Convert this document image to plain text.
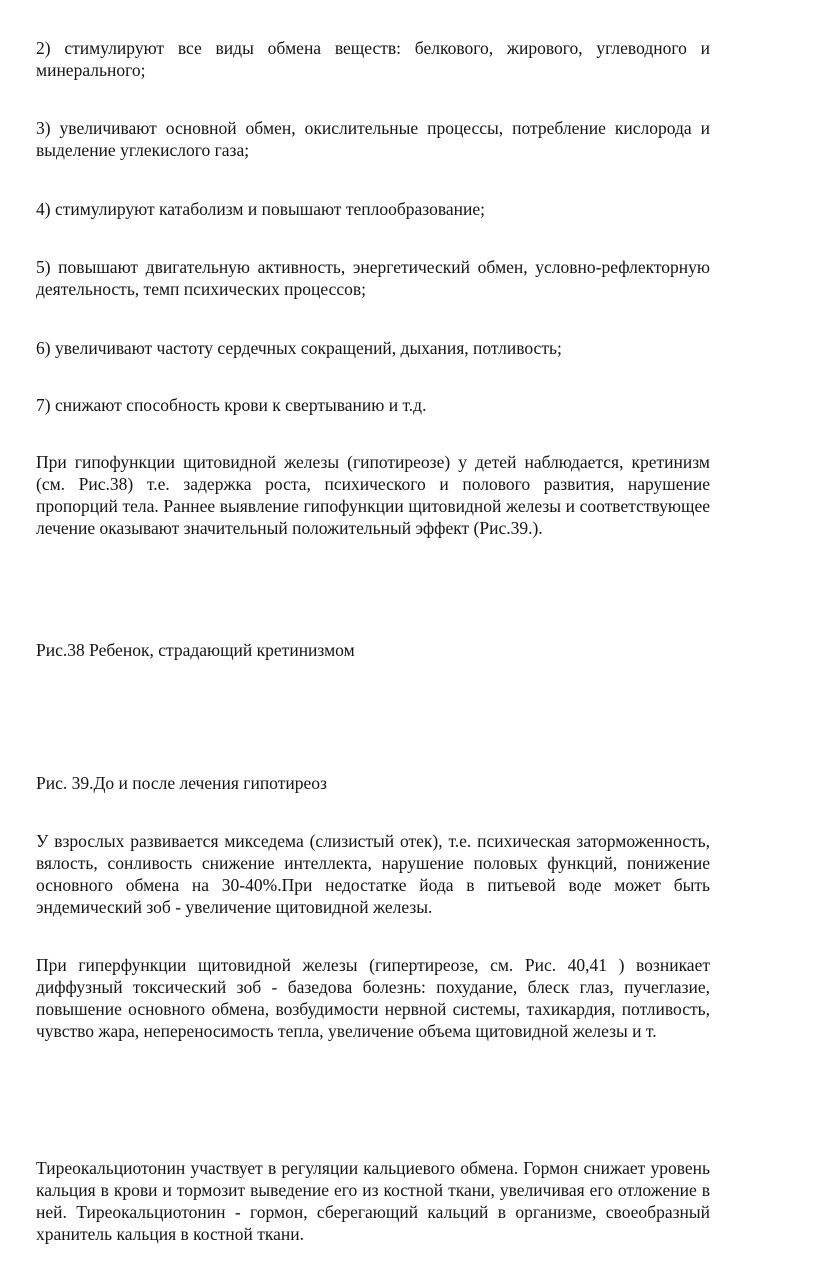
2) стимулируют все виды обмена веществ: белкового, жирового, углеводного и минерального;

3) увеличивают основной обмен, окислительные процессы, потребление кислорода и выделение углекислого газа;

4) стимулируют катаболизм и повышают теплообразование;

5) повышают двигательную активность, энергетический обмен, условно-рефлекторную деятельность, темп психических процессов;

6) увеличивают частоту сердечных сокращений, дыхания, потливость;

7) снижают способность крови к свертыванию и т.д.

При гипофункции щитовидной железы (гипотиреозе) у детей наблюдается, кретинизм (см. Рис.38) т.е. задержка роста, психического и полового развития, нарушение пропорций тела. Раннее выявление гипофункции щитовидной железы и соответствующее лечение оказывают значительный положительный эффект (Рис.39.).

Рис.38 Ребенок, страдающий кретинизмом

Рис. 39.До и после лечения гипотиреоз

У взрослых развивается микседема (слизистый отек), т.е. психическая заторможенность, вялость, сонливость снижение интеллекта, нарушение половых функций, понижение основного обмена на 30-40%.При недостатке йода в питьевой воде может быть эндемический зоб - увеличение щитовидной железы.

При гиперфункции щитовидной железы (гипертиреозе, см. Рис. 40,41 ) возникает диффузный токсический зоб - базедова болезнь: похудание, блеск глаз, пучеглазие, повышение основного обмена, возбудимости нервной системы, тахикардия, потливость, чувство жара, непереносимость тепла, увеличение объема щитовидной железы и т.

Тиреокальциотонин участвует в регуляции кальциевого обмена. Гормон снижает уровень кальция в крови и тормозит выведение его из костной ткани, увеличивая его отложение в ней. Тиреокальциотонин - гормон, сберегающий кальций в организме, своеобразный хранитель кальция в костной ткани.
